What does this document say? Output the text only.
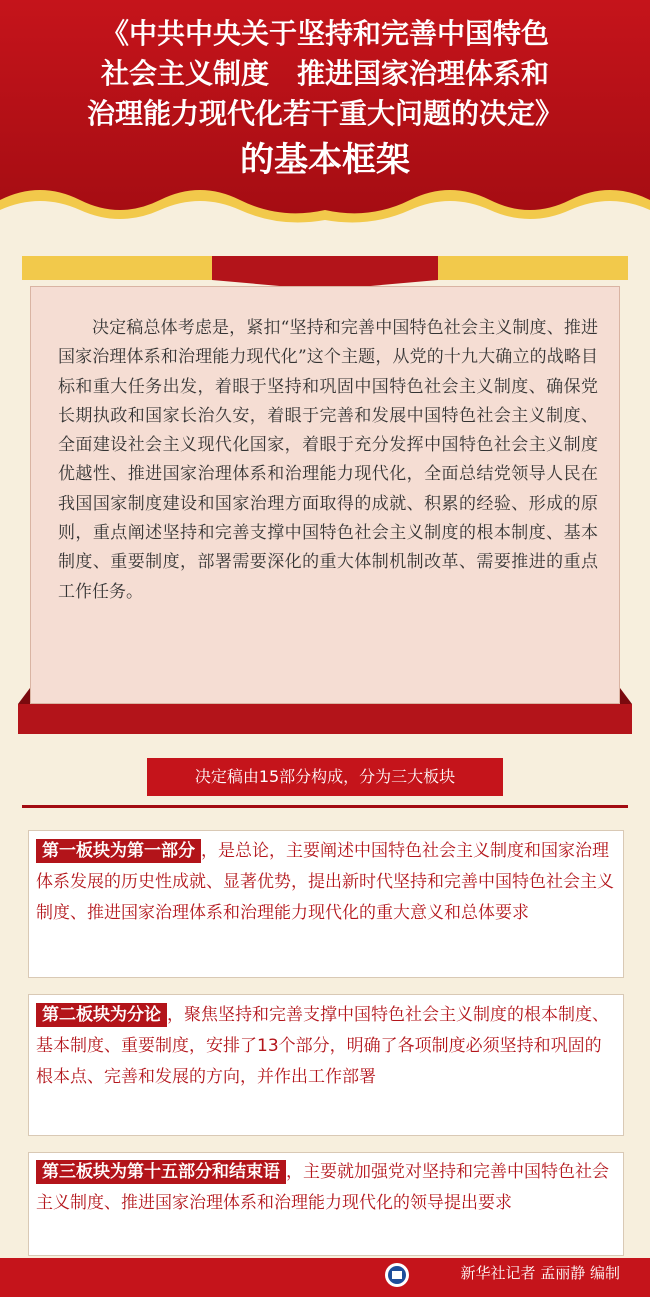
《中共中央关于坚持和完善中国特色
社会主义制度　推进国家治理体系和
治理能力现代化若干重大问题的决定》
的基本框架
决定稿总体考虑是，紧扣“坚持和完善中国特色社会主义制度、推进国家治理体系和治理能力现代化”这个主题，从党的十九大确立的战略目标和重大任务出发，着眼于坚持和巩固中国特色社会主义制度、确保党长期执政和国家长治久安，着眼于完善和发展中国特色社会主义制度、全面建设社会主义现代化国家，着眼于充分发挥中国特色社会主义制度优越性、推进国家治理体系和治理能力现代化，全面总结党领导人民在我国国家制度建设和国家治理方面取得的成就、积累的经验、形成的原则，重点阐述坚持和完善支撑中国特色社会主义制度的根本制度、基本制度、重要制度，部署需要深化的重大体制机制改革、需要推进的重点工作任务。
决定稿由15部分构成，分为三大板块
第一板块为第一部分 ，是总论，主要阐述中国特色社会主义制度和国家治理体系发展的历史性成就、显著优势，提出新时代坚持和完善中国特色社会主义制度、推进国家治理体系和治理能力现代化的重大意义和总体要求
第二板块为分论 ，聚焦坚持和完善支撑中国特色社会主义制度的根本制度、基本制度、重要制度，安排了13个部分，明确了各项制度必须坚持和巩固的根本点、完善和发展的方向，并作出工作部署
第三板块为第十五部分和结束语 ，主要就加强党对坚持和完善中国特色社会主义制度、推进国家治理体系和治理能力现代化的领导提出要求
新华社记者 孟丽静 编制
